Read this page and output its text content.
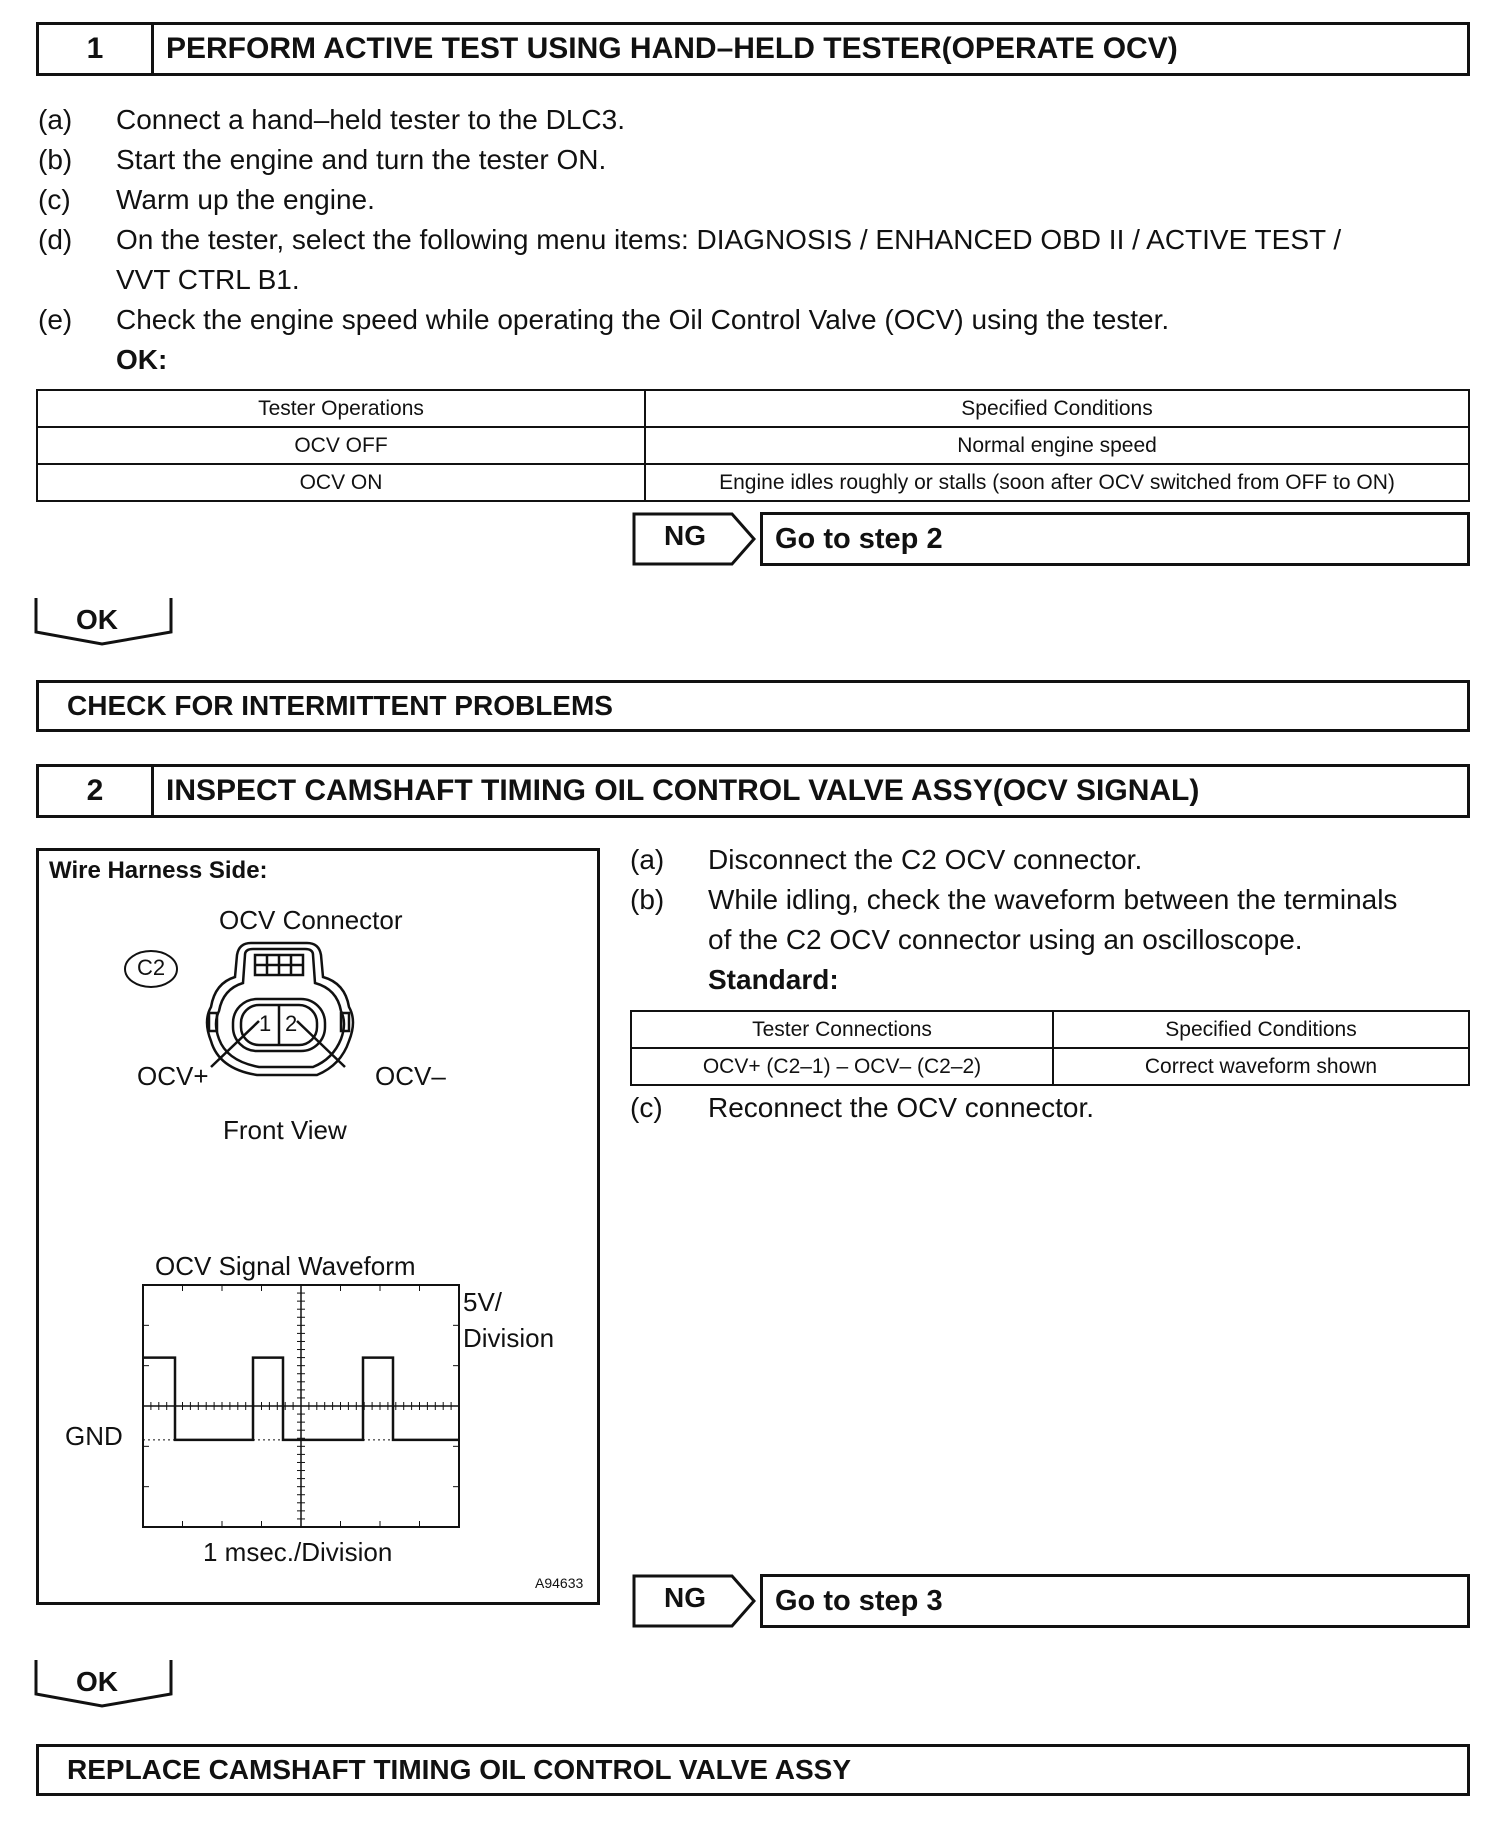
1	PERFORM ACTIVE TEST USING HAND–HELD TESTER(OPERATE OCV)
(a) Connect a hand–held tester to the DLC3.
(b) Start the engine and turn the tester ON.
(c) Warm up the engine.
(d) On the tester, select the following menu items: DIAGNOSIS / ENHANCED OBD II / ACTIVE TEST /
VVT CTRL B1.
(e) Check the engine speed while operating the Oil Control Valve (OCV) using the tester.
OK:
Tester Operations	Specified Conditions
OCV OFF	Normal engine speed
OCV ON	Engine idles roughly or stalls (soon after OCV switched from OFF to ON)
NG	Go to step 2
OK
CHECK FOR INTERMITTENT PROBLEMS
2	INSPECT CAMSHAFT TIMING OIL CONTROL VALVE ASSY(OCV SIGNAL)
Wire Harness Side:
OCV Connector
C2
1 2
OCV+	OCV–
Front View
OCV Signal Waveform
5V/
Division
GND
1 msec./Division
A94633
(a) Disconnect the C2 OCV connector.
(b) While idling, check the waveform between the terminals
of the C2 OCV connector using an oscilloscope.
Standard:
Tester Connections	Specified Conditions
OCV+ (C2–1) – OCV– (C2–2)	Correct waveform shown
(c) Reconnect the OCV connector.
NG	Go to step 3
OK
REPLACE CAMSHAFT TIMING OIL CONTROL VALVE ASSY
